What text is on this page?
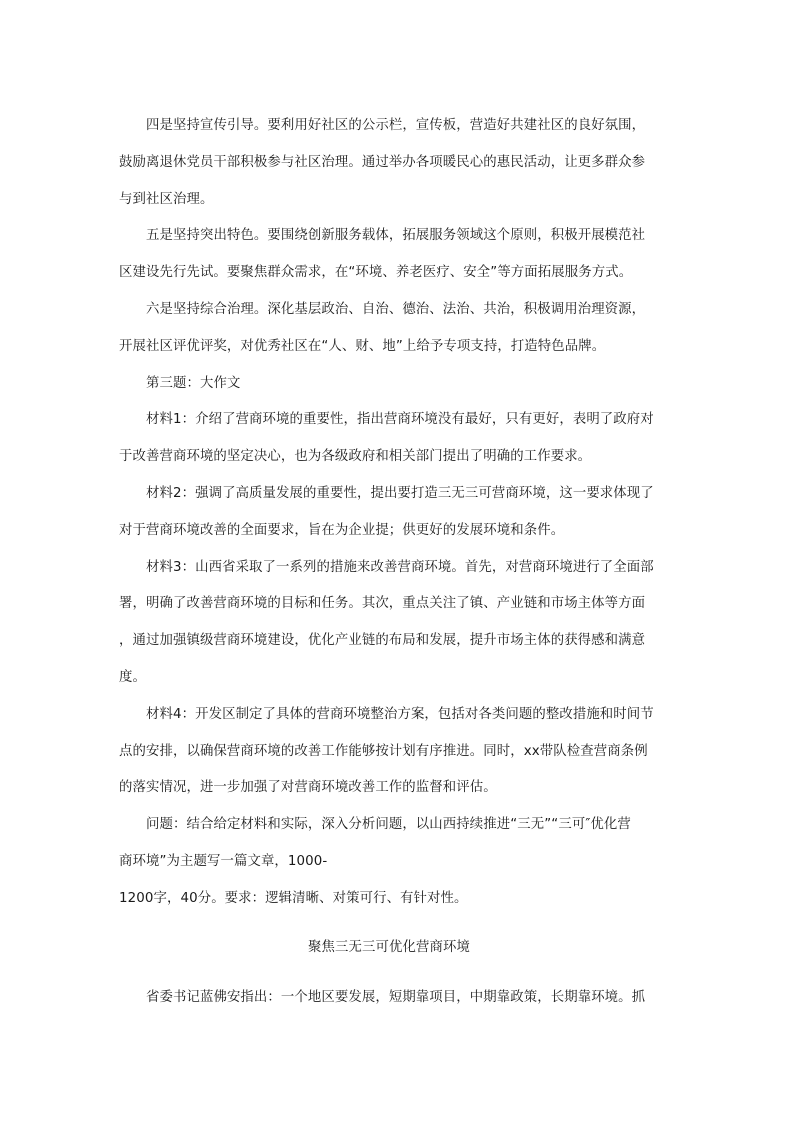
四是坚持宣传引导。要利用好社区的公示栏，宣传板，营造好共建社区的良好氛围，
鼓励离退休党员干部积极参与社区治理。通过举办各项暖民心的惠民活动，让更多群众参
与到社区治理。
五是坚持突出特色。要围绕创新服务载体，拓展服务领域这个原则，积极开展模范社
区建设先行先试。要聚焦群众需求，在“环境、养老医疗、安全”等方面拓展服务方式。
六是坚持综合治理。深化基层政治、自治、德治、法治、共治，积极调用治理资源，
开展社区评优评奖，对优秀社区在“人、财、地”上给予专项支持，打造特色品牌。
第三题：大作文
材料1：介绍了营商环境的重要性，指出营商环境没有最好，只有更好，表明了政府对
于改善营商环境的坚定决心，也为各级政府和相关部门提出了明确的工作要求。
材料2：强调了高质量发展的重要性，提出要打造三无三可营商环境，这一要求体现了
对于营商环境改善的全面要求，旨在为企业提；供更好的发展环境和条件。
材料3：山西省采取了一系列的措施来改善营商环境。首先，对营商环境进行了全面部
署，明确了改善营商环境的目标和任务。其次，重点关注了镇、产业链和市场主体等方面
，通过加强镇级营商环境建设，优化产业链的布局和发展，提升市场主体的获得感和满意
度。
材料4：开发区制定了具体的营商环境整治方案，包括对各类问题的整改措施和时间节
点的安排，以确保营商环境的改善工作能够按计划有序推进。同时，xx带队检查营商条例
的落实情况，进一步加强了对营商环境改善工作的监督和评估。
问题：结合给定材料和实际，深入分析问题，以山西持续推进“三无”“三可″优化营
商环境”为主题写一篇文章，1000-
1200字，40分。要求：逻辑清晰、对策可行、有针对性。
聚焦三无三可优化营商环境
省委书记蓝佛安指出：一个地区要发展，短期靠项目，中期靠政策，长期靠环境。抓
